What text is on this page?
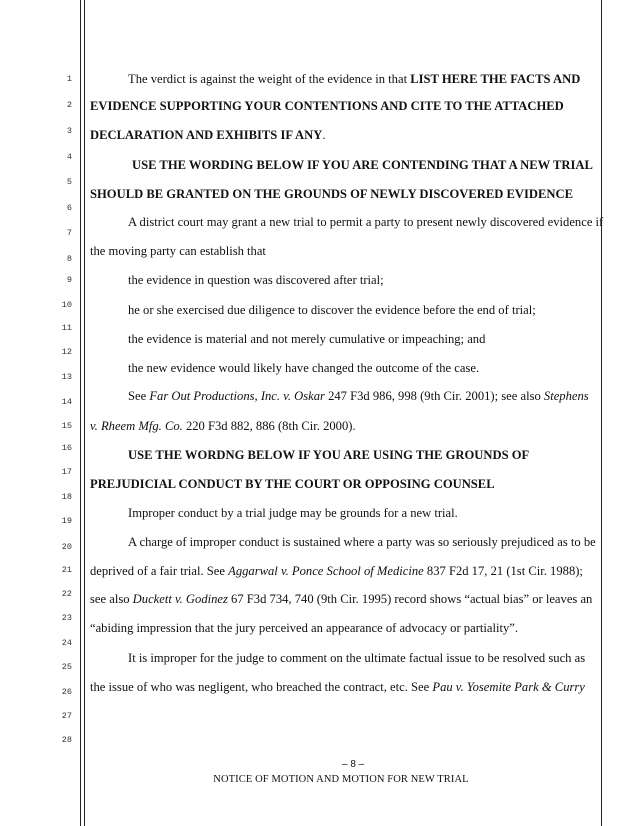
1
2
3
4
5
6
7
8
9
10
11
12
13
14
15
16
17
18
19
20
21
22
23
24
25
26
27
28
The verdict is against the weight of the evidence in that LIST HERE THE FACTS AND
EVIDENCE SUPPORTING YOUR CONTENTIONS AND CITE TO THE ATTACHED
DECLARATION AND EXHIBITS IF ANY.
USE THE WORDING BELOW IF YOU ARE CONTENDING THAT A NEW TRIAL
SHOULD BE GRANTED ON THE GROUNDS OF NEWLY DISCOVERED EVIDENCE
A district court may grant a new trial to permit a party to present newly discovered evidence if
the moving party can establish that
the evidence in question was discovered after trial;
he or she exercised due diligence to discover the evidence before the end of trial;
the evidence is material and not merely cumulative or impeaching; and
the new evidence would likely have changed the outcome of the case.
See Far Out Productions, Inc. v. Oskar 247 F3d 986, 998 (9th Cir. 2001); see also Stephens
v. Rheem Mfg. Co. 220 F3d 882, 886 (8th Cir. 2000).
USE THE WORDNG BELOW IF YOU ARE USING THE GROUNDS OF
PREJUDICIAL CONDUCT BY THE COURT OR OPPOSING COUNSEL
Improper conduct by a trial judge may be grounds for a new trial.
A charge of improper conduct is sustained where a party was so seriously prejudiced as to be
deprived of a fair trial. See Aggarwal v. Ponce School of Medicine 837 F2d 17, 21 (1st Cir. 1988);
see also Duckett v. Godinez 67 F3d 734, 740 (9th Cir. 1995) record shows “actual bias” or leaves an
“abiding impression that the jury perceived an appearance of advocacy or partiality”.
It is improper for the judge to comment on the ultimate factual issue to be resolved such as
the issue of who was negligent, who breached the contract, etc. See Pau v. Yosemite Park & Curry
– 8 –
NOTICE OF MOTION AND MOTION FOR NEW TRIAL
